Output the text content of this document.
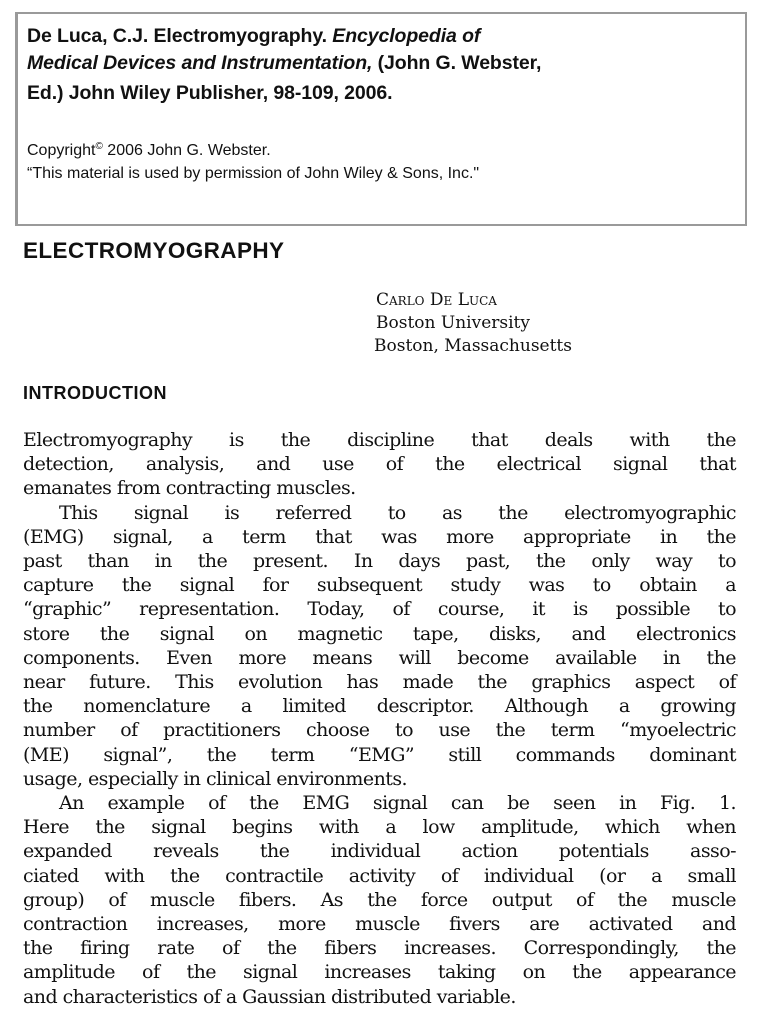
De Luca, C.J. Electromyography. Encyclopedia of
Medical Devices and Instrumentation, (John G. Webster,
Ed.) John Wiley Publisher, 98-109, 2006.
Copyright© 2006 John G. Webster.
“This material is used by permission of John Wiley & Sons, Inc."
ELECTROMYOGRAPHY
Carlo De Luca
Boston University
Boston, Massachusetts
INTRODUCTION

Electromyography is the discipline that deals with the

detection, analysis, and use of the electrical signal that

emanates from contracting muscles.

This signal is referred to as the electromyographic

(EMG) signal, a term that was more appropriate in the

past than in the present. In days past, the only way to

capture the signal for subsequent study was to obtain a

“graphic” representation. Today, of course, it is possible to

store the signal on magnetic tape, disks, and electronics

components. Even more means will become available in the

near future. This evolution has made the graphics aspect of

the nomenclature a limited descriptor. Although a growing

number of practitioners choose to use the term “myoelectric

(ME) signal”, the term “EMG” still commands dominant

usage, especially in clinical environments.

An example of the EMG signal can be seen in Fig. 1.

Here the signal begins with a low amplitude, which when

expanded reveals the individual action potentials asso-

ciated with the contractile activity of individual (or a small

group) of muscle fibers. As the force output of the muscle

contraction increases, more muscle fivers are activated and

the firing rate of the fibers increases. Correspondingly, the

amplitude of the signal increases taking on the appearance

and characteristics of a Gaussian distributed variable.
